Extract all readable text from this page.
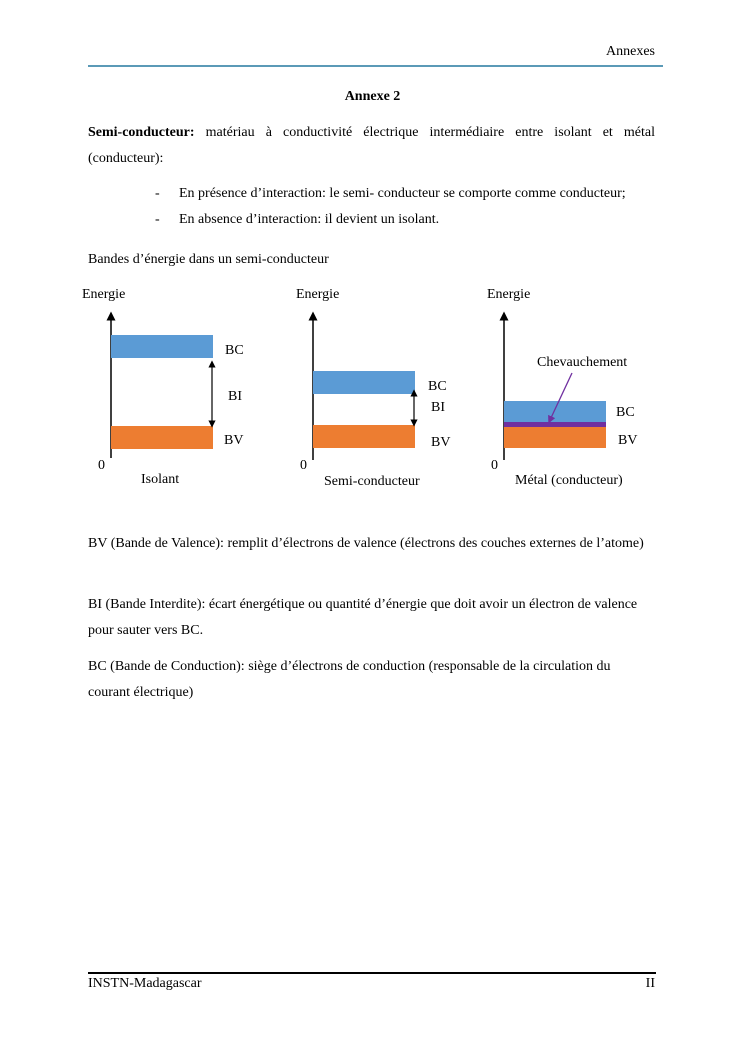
Annexes
Annexe 2
Semi-conducteur: matériau à conductivité électrique intermédiaire entre isolant et métal (conducteur):
- En présence d’interaction: le semi- conducteur se comporte comme conducteur;
- En absence d’interaction: il devient un isolant.
Bandes d’énergie dans un semi-conducteur
Energie
BC
BI
BV
0
Isolant
Energie
BC
BI
BV
0
Semi-conducteur
Energie
Chevauchement
BC
BV
0
Métal (conducteur)
BV (Bande de Valence): remplit d’électrons de valence (électrons des couches externes de l’atome)
BI (Bande Interdite): écart énergétique ou quantité d’énergie que doit avoir un électron de valence pour sauter vers BC.
BC (Bande de Conduction): siège d’électrons de conduction (responsable de la circulation du courant électrique)
INSTN-Madagascar	II
